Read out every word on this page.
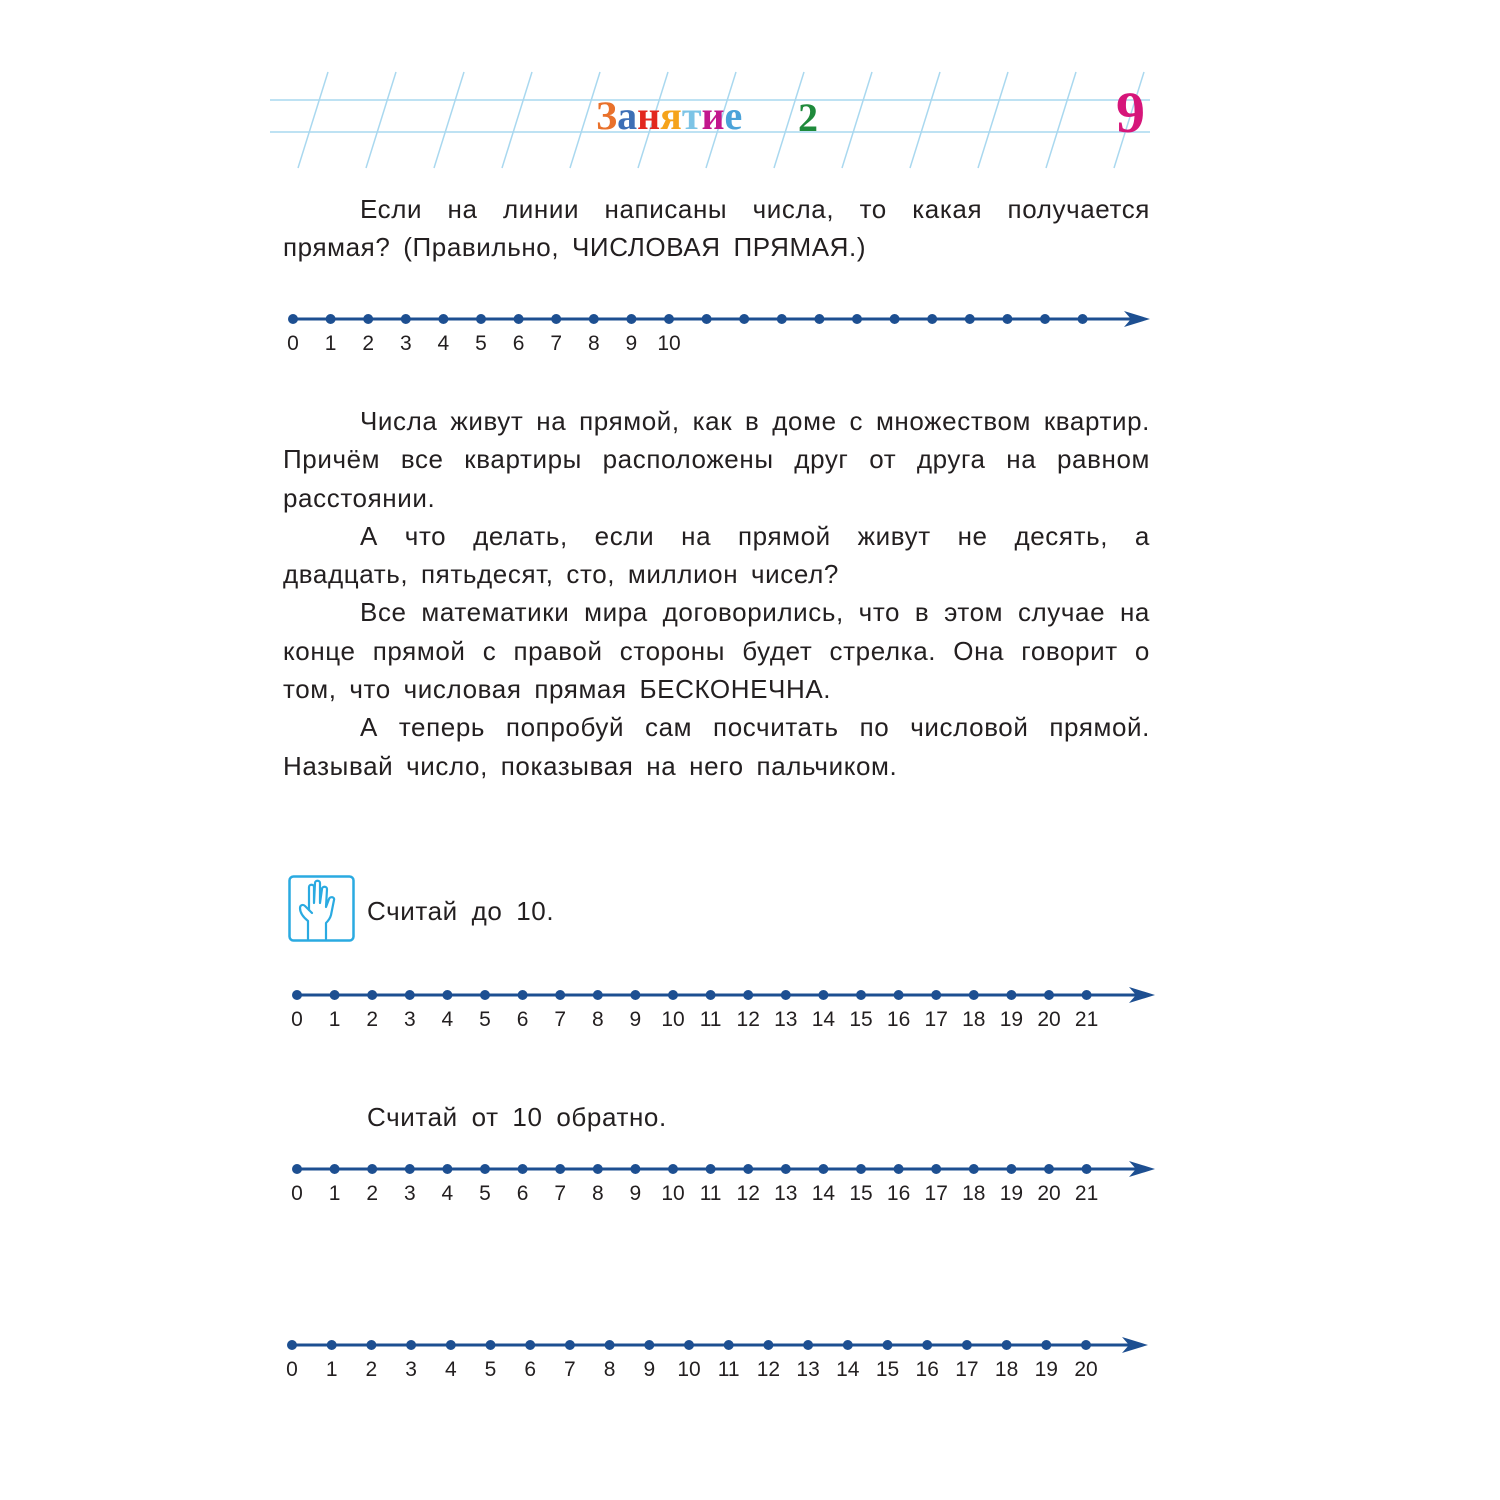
Занятие 2	9

Если на линии написаны числа, то какая получается прямая? (Правильно, ЧИСЛОВАЯ ПРЯМАЯ.)

0 1 2 3 4 5 6 7 8 9 10
0 1 2 3 4 5 6 7 8 9 10 11 12 13 14 15 16 17 18 19 20 21
0 1 2 3 4 5 6 7 8 9 10 11 12 13 14 15 16 17 18 19 20 21
0 1 2 3 4 5 6 7 8 9 10 11 12 13 14 15 16 17 18 19 20

Числа живут на прямой, как в доме с множеством квартир. Причём все квартиры расположены друг от друга на равном расстоянии.

А что делать, если на прямой живут не десять, а двадцать, пятьдесят, сто, миллион чисел?

Все математики мира договорились, что в этом случае на конце прямой с правой стороны будет стрелка. Она говорит о том, что числовая прямая БЕСКОНЕЧНА.

А теперь попробуй сам посчитать по числовой прямой. Называй число, показывая на него пальчиком.

Считай до 10.
Считай от 10 обратно.
